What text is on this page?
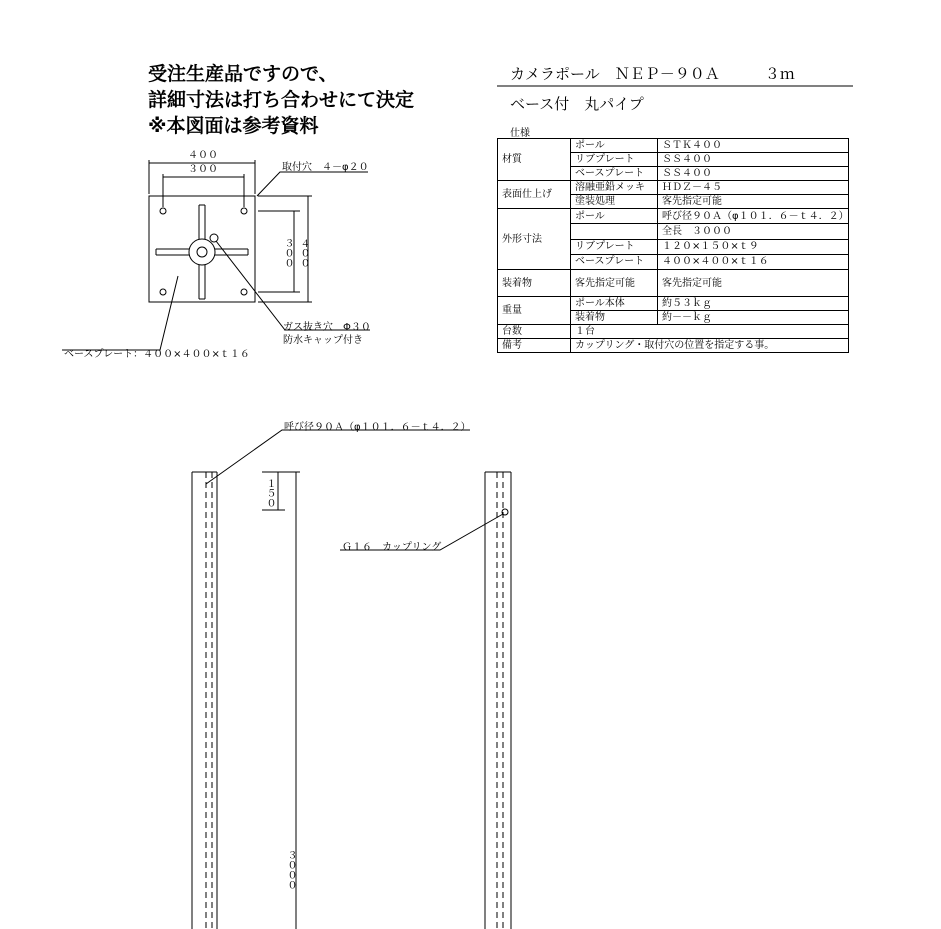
受注生産品ですので、
詳細寸法は打ち合わせにて決定
※本図面は参考資料
カメラポール　ＮＥＰ－９０Ａ　　　３ｍ
ベース付　丸パイプ
仕様
材質	ポール	ＳＴＫ４００
	リブプレート	ＳＳ４００
	ベースプレート	ＳＳ４００
表面仕上げ	溶融亜鉛メッキ	ＨＤＺ－４５
	塗装処理	客先指定可能
外形寸法	ポール	呼び径９０Ａ（φ１０１．６－ｔ４．２）
		全長　３０００
	リブプレート	１２０×１５０×ｔ９
	ベースプレート	４００×４００×ｔ１６
装着物	客先指定可能	客先指定可能
重量	ポール本体	約５３ｋｇ
	装着物	約－－ｋｇ
台数	１台	
備考	カップリング・取付穴の位置を指定する事。	
４００
３００
３００ ４００
取付穴　４－φ２０
ガス抜き穴　Φ３０
防水キャップ付き
ベースプレート：４００×４００×ｔ１６
呼び径９０Ａ（φ１０１．６－ｔ４．２）
１５０
３０００
Ｇ１６　カップリング
